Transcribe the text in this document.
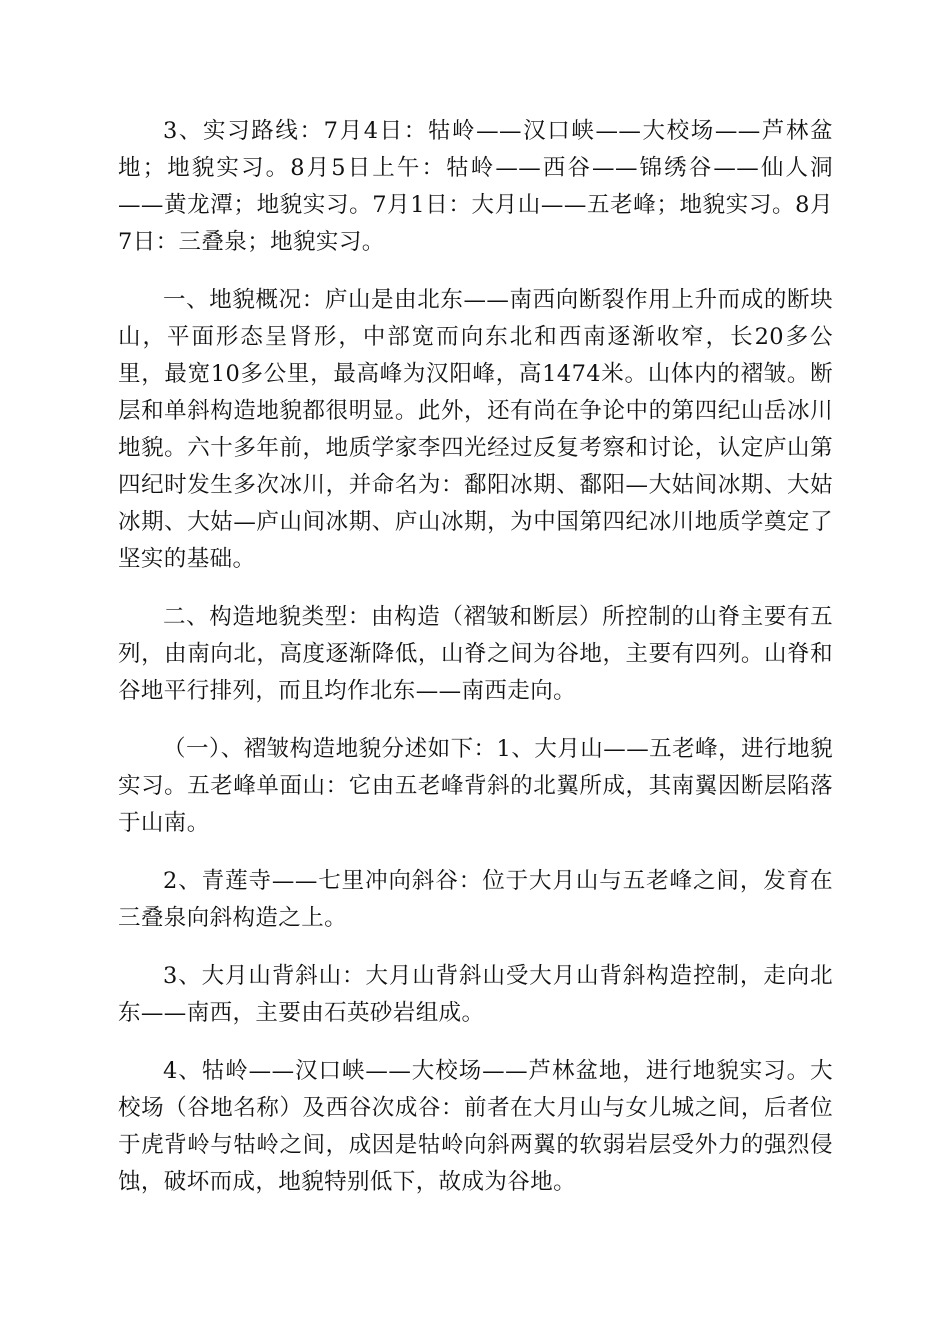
3、实习路线：7月4日：牯岭——汉口峡——大校场——芦林盆地；地貌实习。8月5日上午：牯岭——西谷——锦绣谷——仙人洞——黄龙潭；地貌实习。7月1日：大月山——五老峰；地貌实习。8月7日：三叠泉；地貌实习。

一、地貌概况：庐山是由北东——南西向断裂作用上升而成的断块山，平面形态呈肾形，中部宽而向东北和西南逐渐收窄，长20多公里，最宽10多公里，最高峰为汉阳峰，高1474米。山体内的褶皱。断层和单斜构造地貌都很明显。此外，还有尚在争论中的第四纪山岳冰川地貌。六十多年前，地质学家李四光经过反复考察和讨论，认定庐山第四纪时发生多次冰川，并命名为：鄱阳冰期、鄱阳—大姑间冰期、大姑冰期、大姑—庐山间冰期、庐山冰期，为中国第四纪冰川地质学奠定了坚实的基础。

二、构造地貌类型：由构造（褶皱和断层）所控制的山脊主要有五列，由南向北，高度逐渐降低，山脊之间为谷地，主要有四列。山脊和谷地平行排列，而且均作北东——南西走向。

（一）、褶皱构造地貌分述如下：1、大月山——五老峰，进行地貌实习。五老峰单面山：它由五老峰背斜的北翼所成，其南翼因断层陷落于山南。

2、青莲寺——七里冲向斜谷：位于大月山与五老峰之间，发育在三叠泉向斜构造之上。

3、大月山背斜山：大月山背斜山受大月山背斜构造控制，走向北东——南西，主要由石英砂岩组成。

4、牯岭——汉口峡——大校场——芦林盆地，进行地貌实习。大校场（谷地名称）及西谷次成谷：前者在大月山与女儿城之间，后者位于虎背岭与牯岭之间，成因是牯岭向斜两翼的软弱岩层受外力的强烈侵蚀，破坏而成，地貌特别低下，故成为谷地。
